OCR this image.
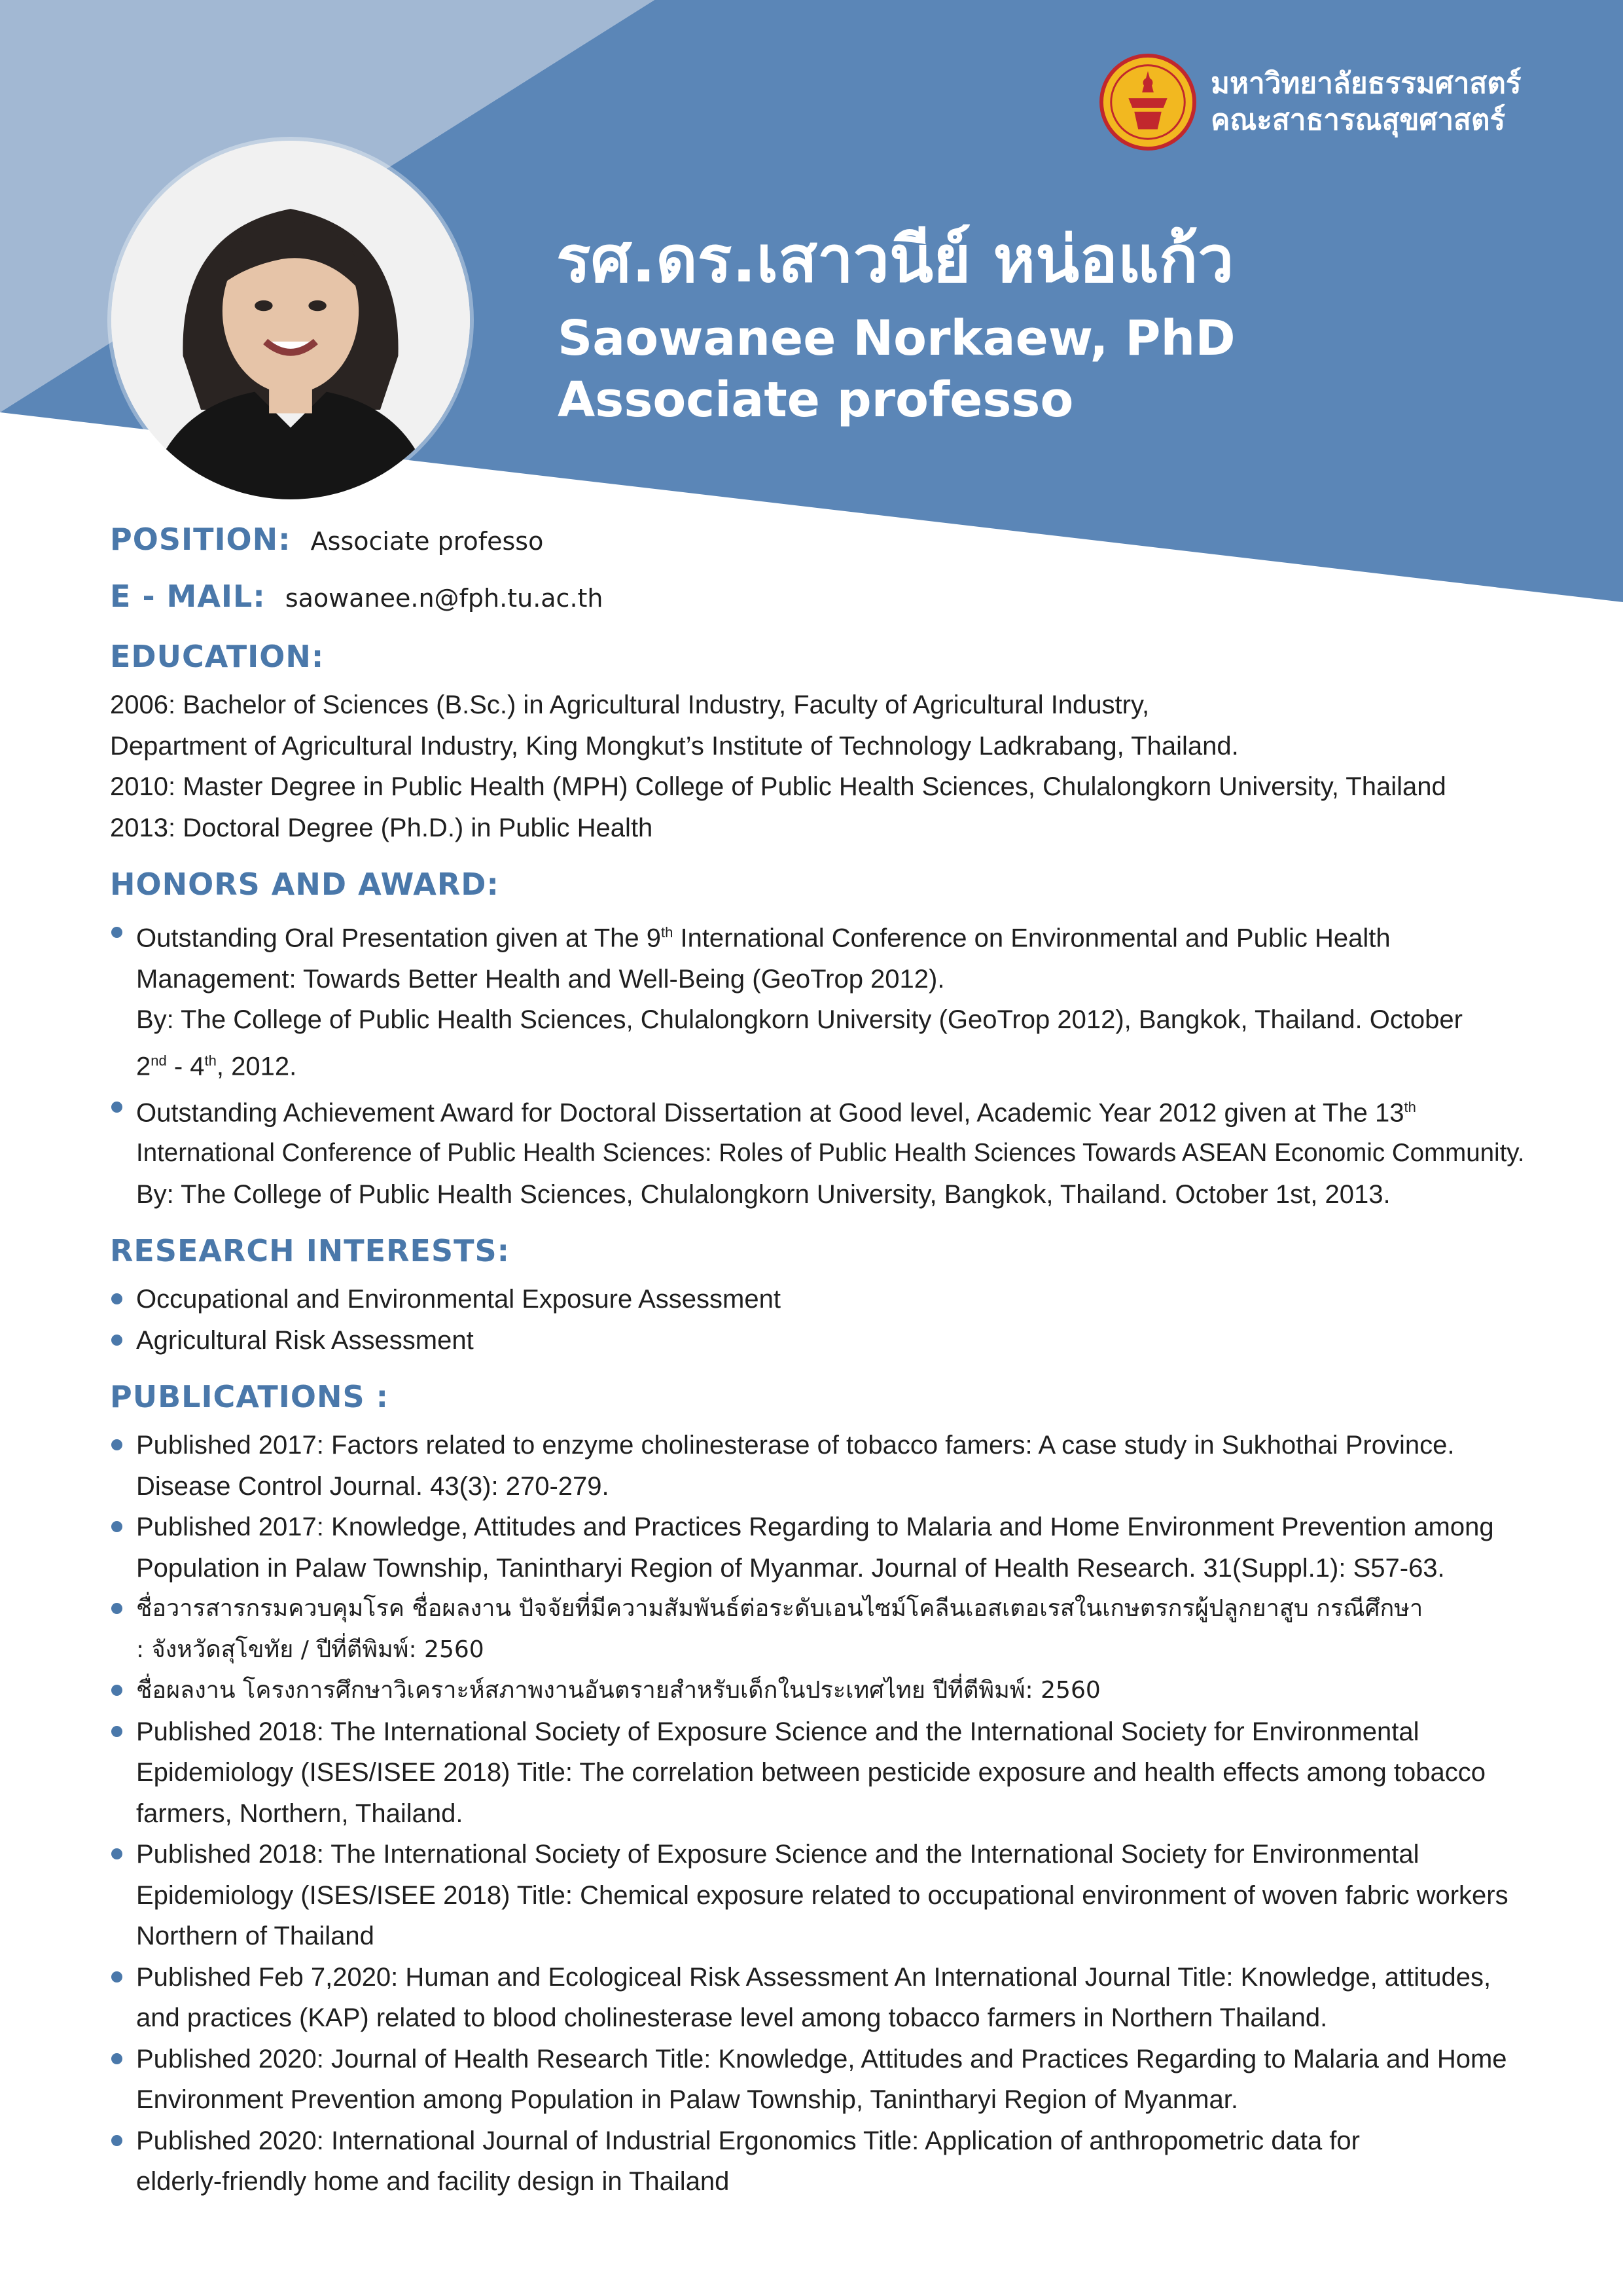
มหาวิทยาลัยธรรมศาสตร์
คณะสาธารณสุขศาสตร์
รศ.ดร.เสาวนีย์ หน่อแก้ว
Saowanee Norkaew, PhD
Associate professo
POSITION: Associate professo
E - MAIL: saowanee.n@fph.tu.ac.th
EDUCATION:
2006: Bachelor of Sciences (B.Sc.) in Agricultural Industry, Faculty of Agricultural Industry,
Department of Agricultural Industry, King Mongkut’s Institute of Technology Ladkrabang, Thailand.
2010: Master Degree in Public Health (MPH) College of Public Health Sciences, Chulalongkorn University, Thailand
2013: Doctoral Degree (Ph.D.) in Public Health
HONORS AND AWARD:
Outstanding Oral Presentation given at The 9th International Conference on Environmental and Public Health
Management: Towards Better Health and Well-Being (GeoTrop 2012).
By: The College of Public Health Sciences, Chulalongkorn University (GeoTrop 2012), Bangkok, Thailand. October
2nd - 4th, 2012.
Outstanding Achievement Award for Doctoral Dissertation at Good level, Academic Year 2012 given at The 13th
International Conference of Public Health Sciences: Roles of Public Health Sciences Towards ASEAN Economic Community.
By: The College of Public Health Sciences, Chulalongkorn University, Bangkok, Thailand. October 1st, 2013.
RESEARCH INTERESTS:
Occupational and Environmental Exposure Assessment
Agricultural Risk Assessment
PUBLICATIONS :
Published 2017: Factors related to enzyme cholinesterase of tobacco famers: A case study in Sukhothai Province.
Disease Control Journal. 43(3): 270-279.
Published 2017: Knowledge, Attitudes and Practices Regarding to Malaria and Home Environment Prevention among
Population in Palaw Township, Tanintharyi Region of Myanmar. Journal of Health Research. 31(Suppl.1): S57-63.
ชื่อวารสารกรมควบคุมโรค ชื่อผลงาน ปัจจัยที่มีความสัมพันธ์ต่อระดับเอนไซม์โคลีนเอสเตอเรสในเกษตรกรผู้ปลูกยาสูบ กรณีศึกษา
: จังหวัดสุโขทัย / ปีที่ตีพิมพ์: 2560
ชื่อผลงาน โครงการศึกษาวิเคราะห์สภาพงานอันตรายสำหรับเด็กในประเทศไทย ปีที่ตีพิมพ์: 2560
Published 2018: The International Society of Exposure Science and the International Society for Environmental
Epidemiology (ISES/ISEE 2018) Title: The correlation between pesticide exposure and health effects among tobacco
farmers, Northern, Thailand.
Published 2018: The International Society of Exposure Science and the International Society for Environmental
Epidemiology (ISES/ISEE 2018) Title: Chemical exposure related to occupational environment of woven fabric workers
Northern of Thailand
Published Feb 7,2020: Human and Ecologiceal Risk Assessment An International Journal Title: Knowledge, attitudes,
and practices (KAP) related to blood cholinesterase level among tobacco farmers in Northern Thailand.
Published 2020: Journal of Health Research Title: Knowledge, Attitudes and Practices Regarding to Malaria and Home
Environment Prevention among Population in Palaw Township, Tanintharyi Region of Myanmar.
Published 2020: International Journal of Industrial Ergonomics Title: Application of anthropometric data for
elderly-friendly home and facility design in Thailand
